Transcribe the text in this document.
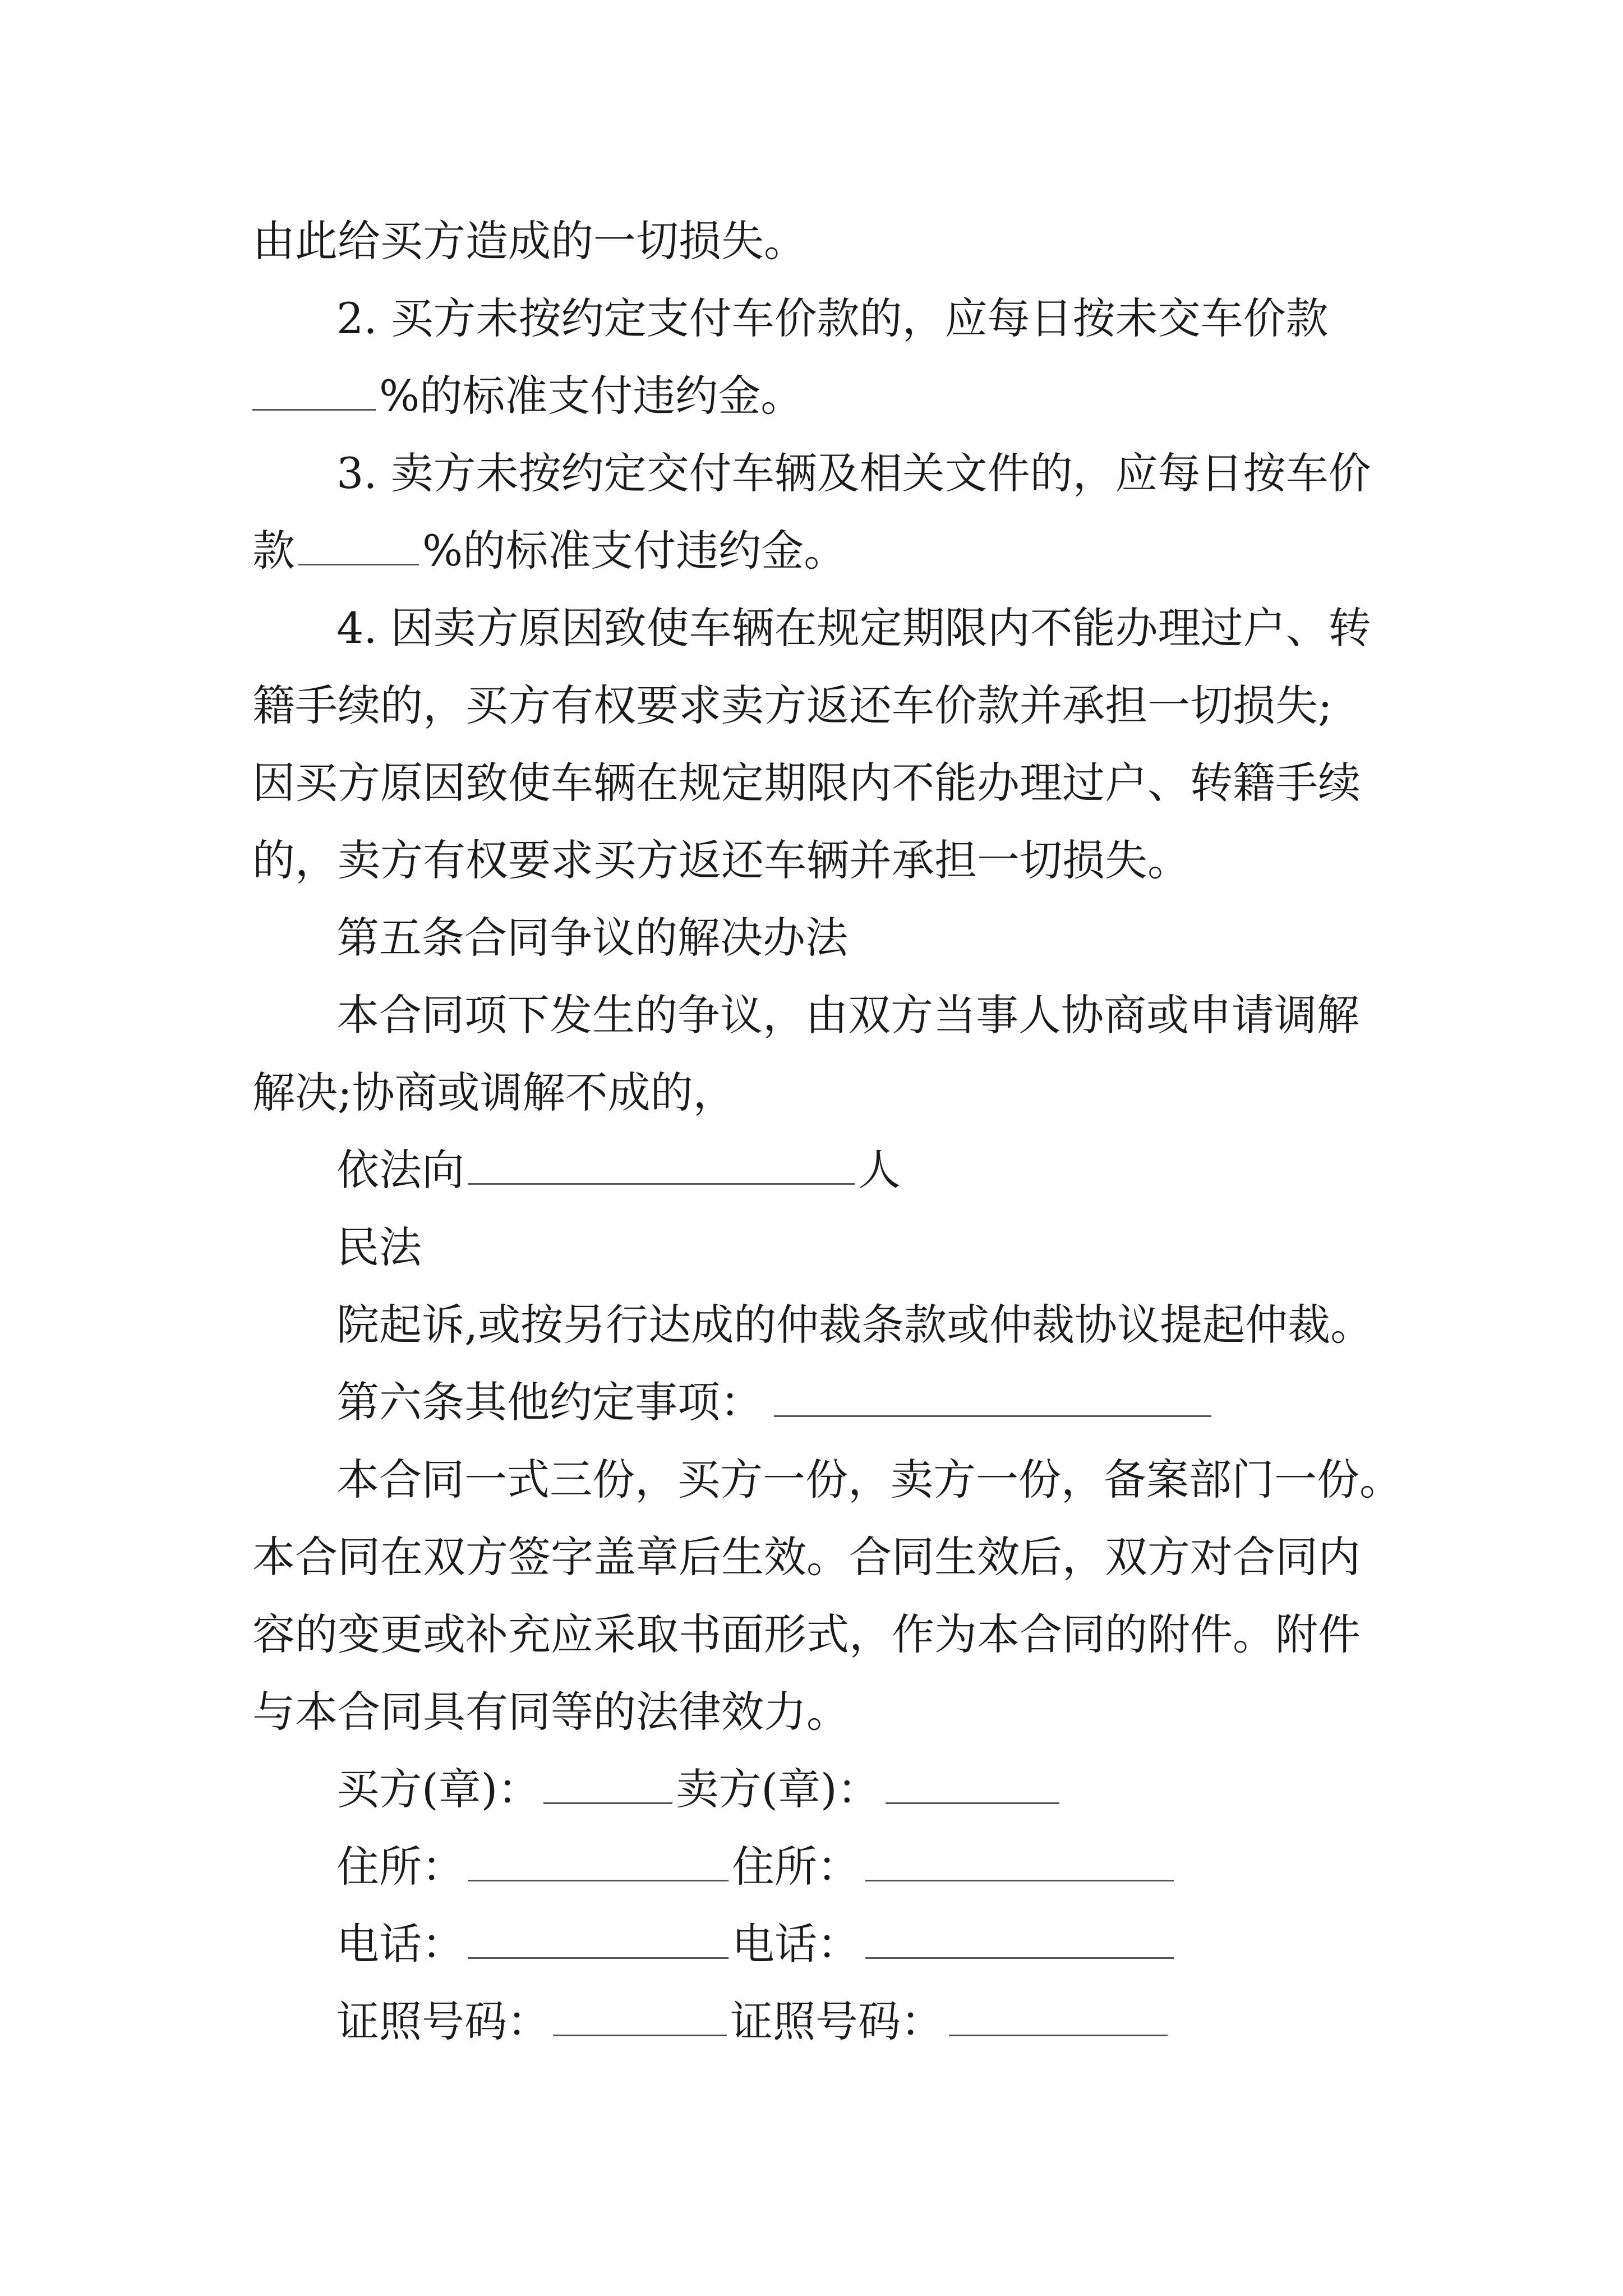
由此给买方造成的一切损失。
2. 买方未按约定支付车价款的，应每日按未交车价款
%的标准支付违约金。
3. 卖方未按约定交付车辆及相关文件的，应每日按车价
款	%的标准支付违约金。
4. 因卖方原因致使车辆在规定期限内不能办理过户、转
籍手续的，买方有权要求卖方返还车价款并承担一切损失;
因买方原因致使车辆在规定期限内不能办理过户、转籍手续
的，卖方有权要求买方返还车辆并承担一切损失。
第五条合同争议的解决办法
本合同项下发生的争议，由双方当事人协商或申请调解
解决;协商或调解不成的，
依法向	人
民法
院起诉,或按另行达成的仲裁条款或仲裁协议提起仲裁。
第六条其他约定事项：
本合同一式三份，买方一份，卖方一份，备案部门一份。
本合同在双方签字盖章后生效。合同生效后，双方对合同内
容的变更或补充应采取书面形式，作为本合同的附件。附件
与本合同具有同等的法律效力。
买方(章)：	卖方(章)：
住所：	住所：
电话：	电话：
证照号码：	证照号码：
